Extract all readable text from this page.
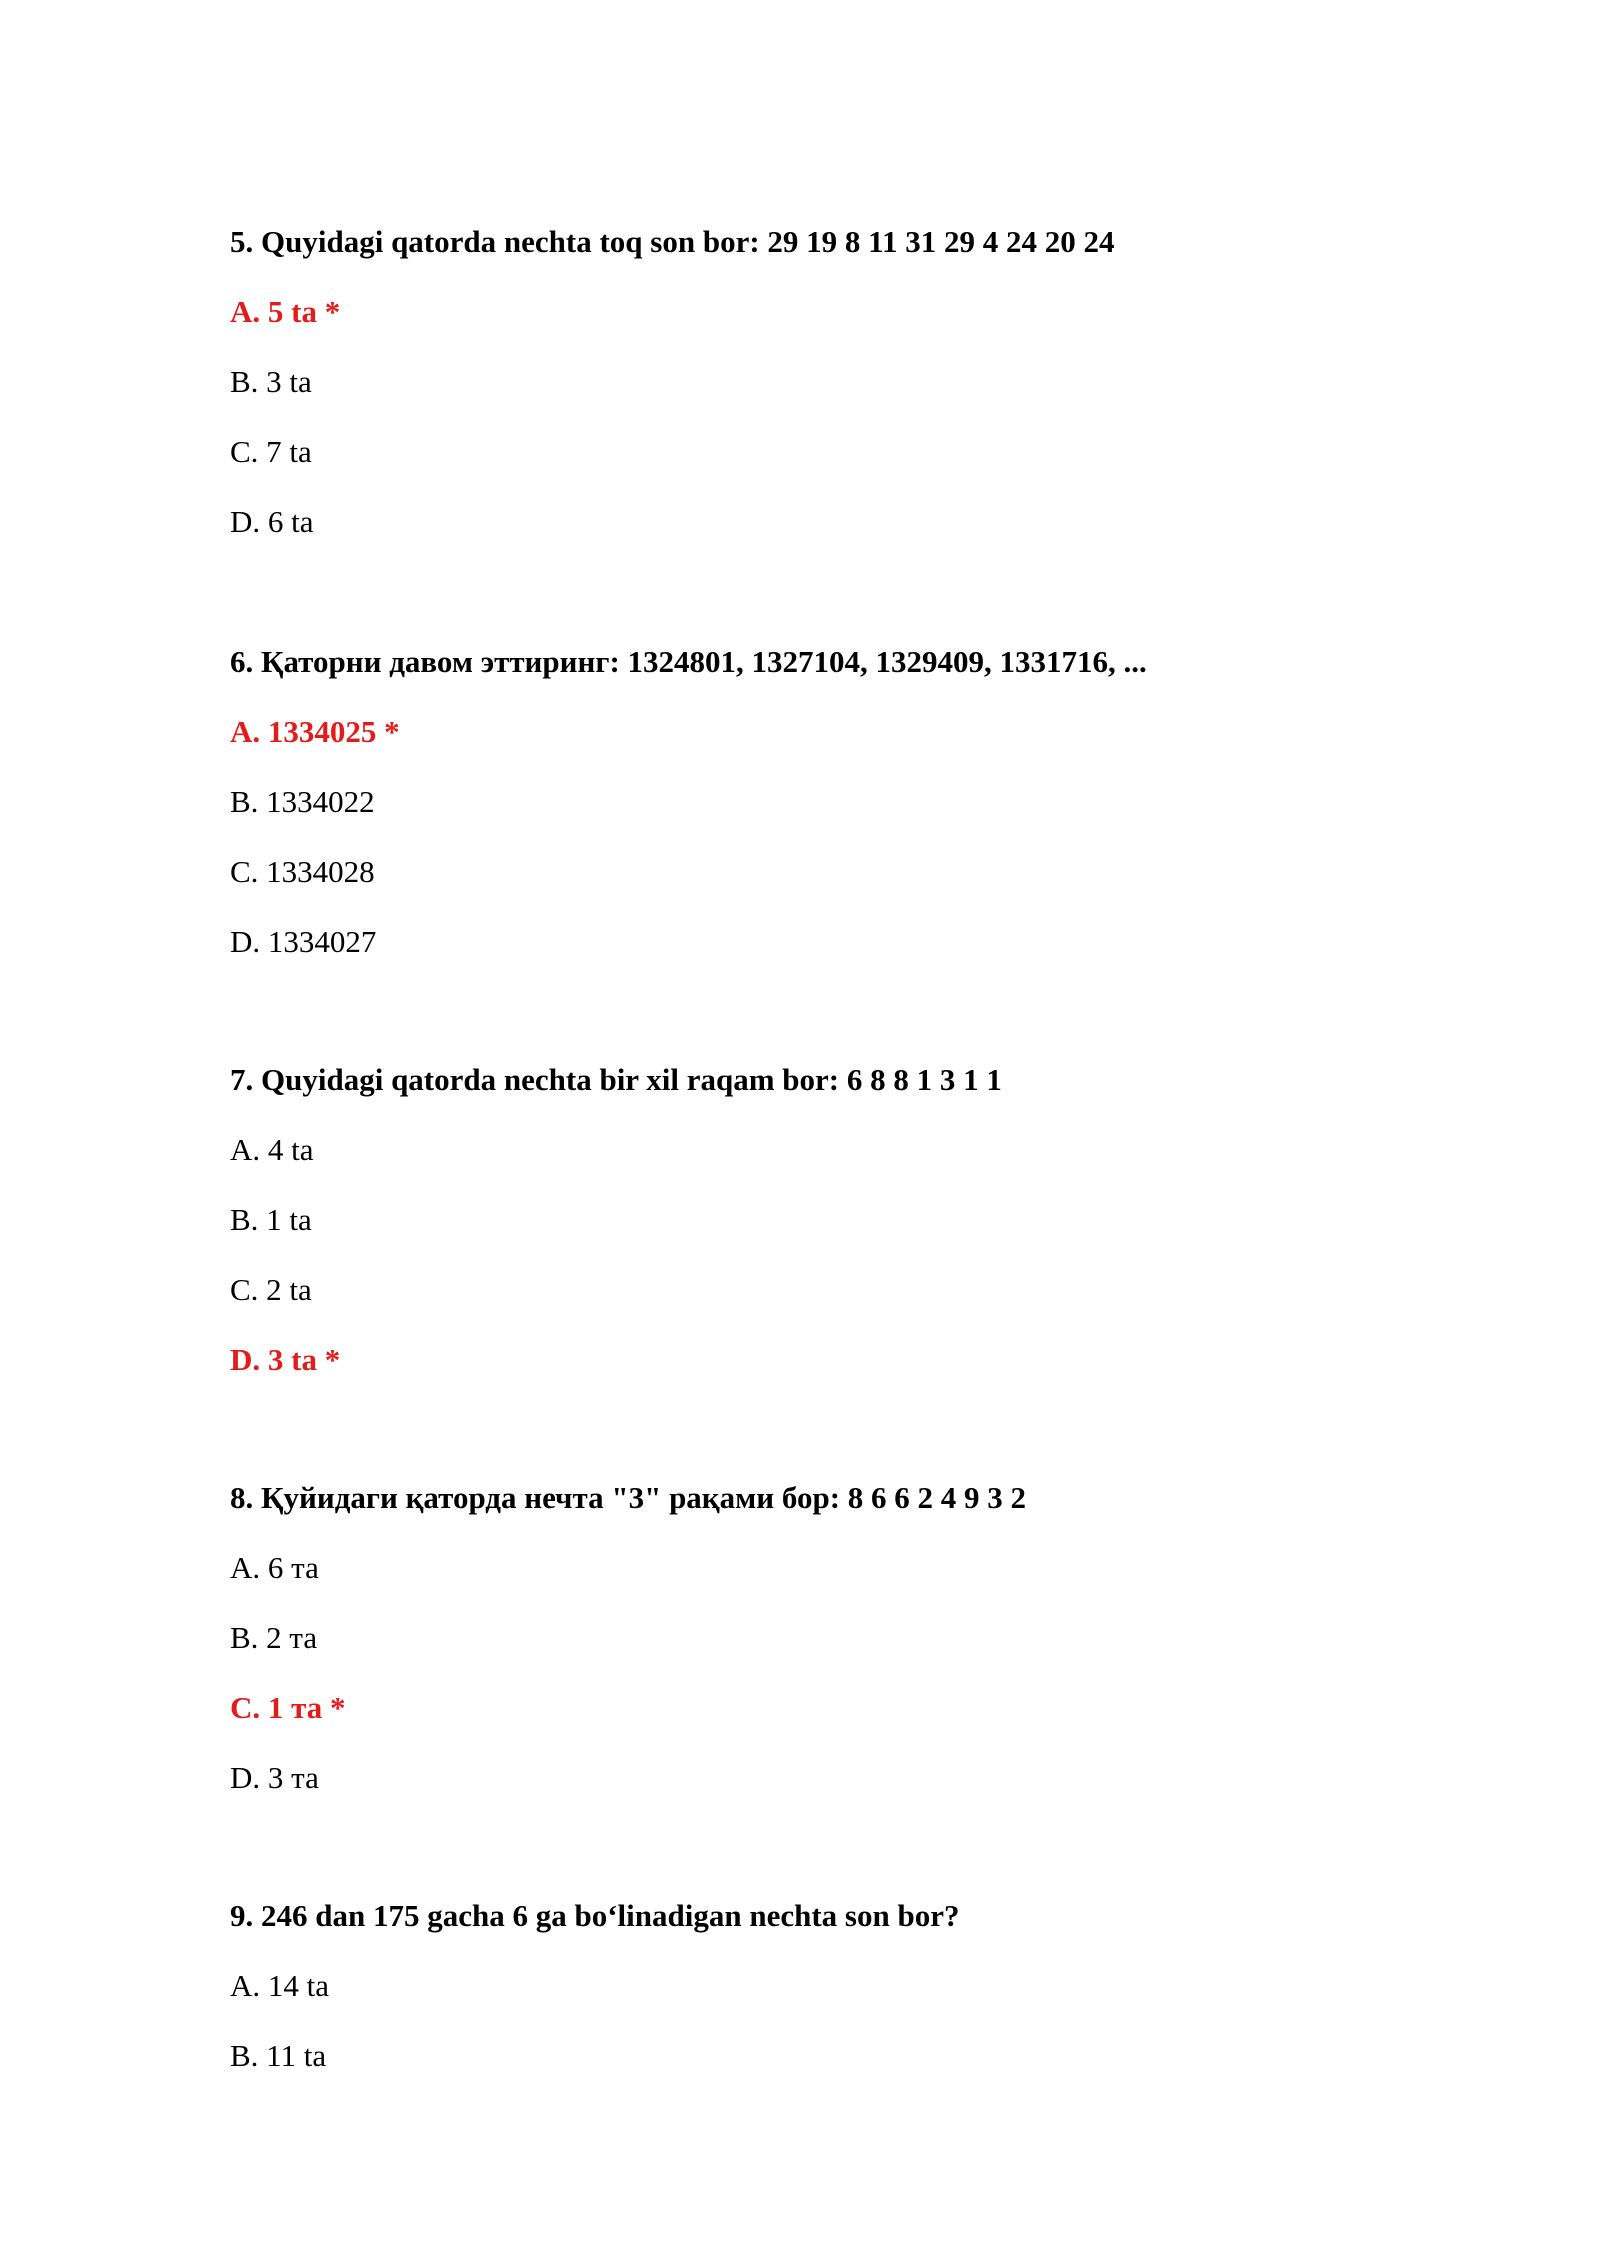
5. Quyidagi qatorda nechta toq son bor: 29 19 8 11 31 29 4 24 20 24
A. 5 ta *
B. 3 ta
C. 7 ta
D. 6 ta
6. Қаторни давом эттиринг: 1324801, 1327104, 1329409, 1331716, ...
A. 1334025 *
B. 1334022
C. 1334028
D. 1334027
7. Quyidagi qatorda nechta bir xil raqam bor: 6 8 8 1 3 1 1
A. 4 ta
B. 1 ta
C. 2 ta
D. 3 ta *
8. Қуйидаги қаторда нечта "3" рақами бор: 8 6 6 2 4 9 3 2
A. 6 та
B. 2 та
C. 1 та *
D. 3 та
9. 246 dan 175 gacha 6 ga bo‘linadigan nechta son bor?
A. 14 ta
B. 11 ta
